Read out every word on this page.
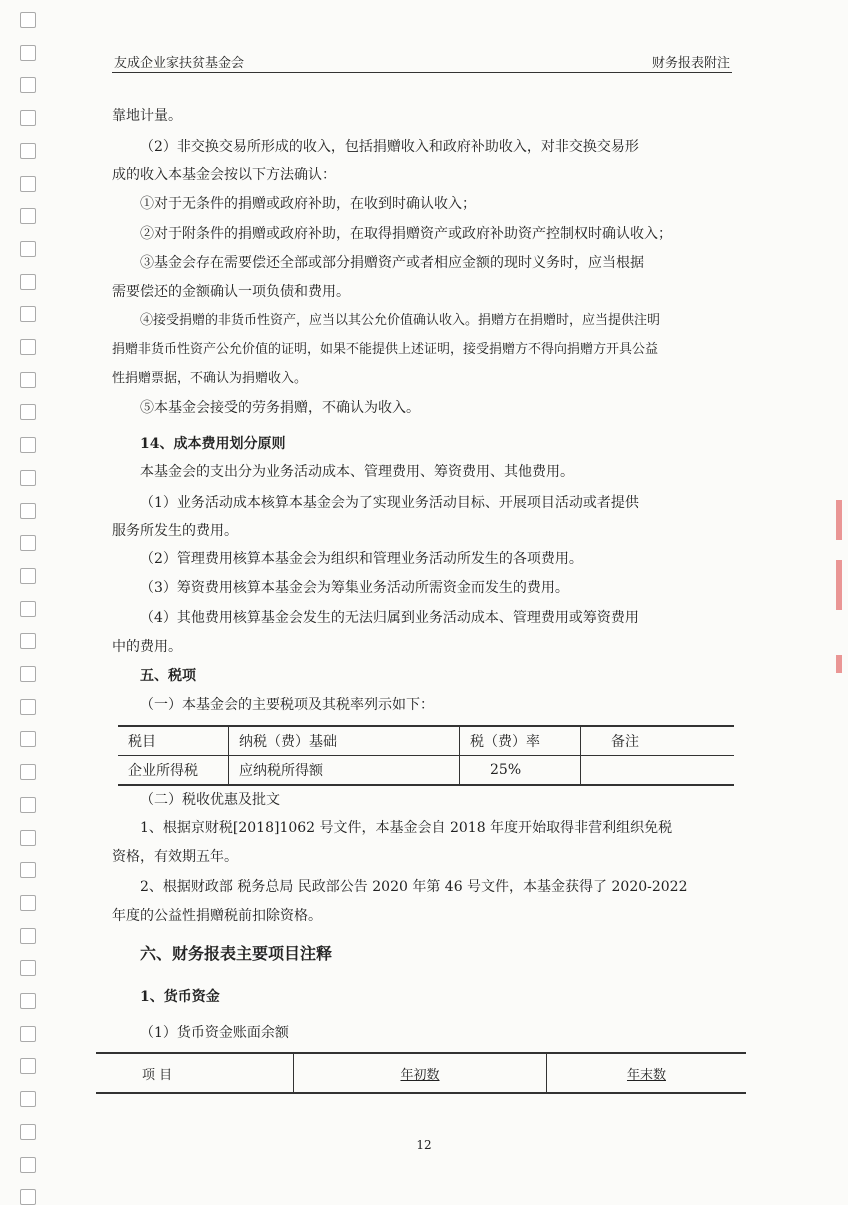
友成企业家扶贫基金会	财务报表附注
靠地计量。
（2）非交换交易所形成的收入，包括捐赠收入和政府补助收入，对非交换交易形
成的收入本基金会按以下方法确认：
①对于无条件的捐赠或政府补助，在收到时确认收入；
②对于附条件的捐赠或政府补助，在取得捐赠资产或政府补助资产控制权时确认收入；
③基金会存在需要偿还全部或部分捐赠资产或者相应金额的现时义务时，应当根据
需要偿还的金额确认一项负债和费用。
④接受捐赠的非货币性资产，应当以其公允价值确认收入。捐赠方在捐赠时，应当提供注明
捐赠非货币性资产公允价值的证明，如果不能提供上述证明，接受捐赠方不得向捐赠方开具公益
性捐赠票据，不确认为捐赠收入。
⑤本基金会接受的劳务捐赠，不确认为收入。
14、成本费用划分原则
本基金会的支出分为业务活动成本、管理费用、筹资费用、其他费用。
（1）业务活动成本核算本基金会为了实现业务活动目标、开展项目活动或者提供
服务所发生的费用。
（2）管理费用核算本基金会为组织和管理业务活动所发生的各项费用。
（3）筹资费用核算本基金会为筹集业务活动所需资金而发生的费用。
（4）其他费用核算基金会发生的无法归属到业务活动成本、管理费用或筹资费用
中的费用。
五、税项
（一）本基金会的主要税项及其税率列示如下：
税目	纳税（费）基础	税（费）率	备注
企业所得税	应纳税所得额	25%	
（二）税收优惠及批文
1、根据京财税[2018]1062 号文件，本基金会自 2018 年度开始取得非营利组织免税
资格，有效期五年。
2、根据财政部 税务总局 民政部公告 2020 年第 46 号文件，本基金获得了 2020-2022
年度的公益性捐赠税前扣除资格。
六、财务报表主要项目注释
1、货币资金
（1）货币资金账面余额
项 目	年初数	年末数
12
